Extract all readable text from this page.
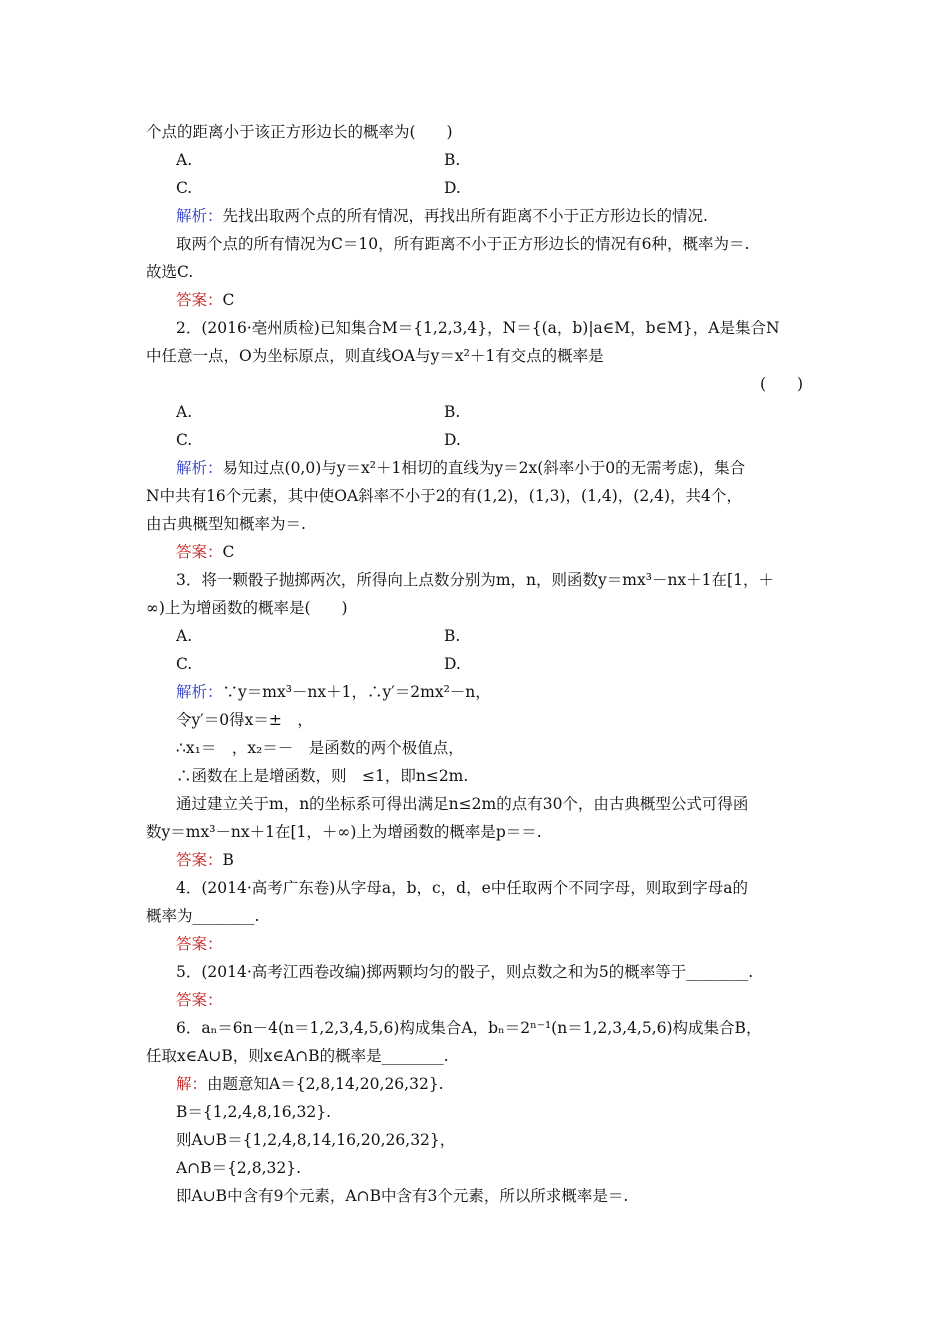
个点的距离小于该正方形边长的概率为(　　)
A.	B.
C.	D.
解析：先找出取两个点的所有情况，再找出所有距离不小于正方形边长的情况.
取两个点的所有情况为C＝10，所有距离不小于正方形边长的情况有6种，概率为＝.
故选C.
答案：C
2．(2016·亳州质检)已知集合M＝{1,2,3,4}，N＝{(a，b)|a∈M，b∈M}，A是集合N
中任意一点，O为坐标原点，则直线OA与y＝x²＋1有交点的概率是
(　　)
A.	B.
C.	D.
解析：易知过点(0,0)与y＝x²＋1相切的直线为y＝2x(斜率小于0的无需考虑)，集合
N中共有16个元素，其中使OA斜率不小于2的有(1,2)，(1,3)，(1,4)，(2,4)，共4个，
由古典概型知概率为＝.
答案：C
3．将一颗骰子抛掷两次，所得向上点数分别为m，n，则函数y＝mx³－nx＋1在[1，＋
∞)上为增函数的概率是(　　)
A.	B.
C.	D.
解析：∵y＝mx³－nx＋1，∴y′＝2mx²－n，
令y′＝0得x＝±　，
∴x₁＝　，x₂＝－　是函数的两个极值点，
∴函数在上是增函数，则　≤1，即n≤2m.
通过建立关于m，n的坐标系可得出满足n≤2m的点有30个，由古典概型公式可得函
数y＝mx³－nx＋1在[1，＋∞)上为增函数的概率是p＝＝.
答案：B
4．(2014·高考广东卷)从字母a，b，c，d，e中任取两个不同字母，则取到字母a的
概率为________.
答案：
5．(2014·高考江西卷改编)掷两颗均匀的骰子，则点数之和为5的概率等于________.
答案：
6．aₙ＝6n－4(n＝1,2,3,4,5,6)构成集合A，bₙ＝2ⁿ⁻¹(n＝1,2,3,4,5,6)构成集合B，
任取x∈A∪B，则x∈A∩B的概率是________.
解：由题意知A＝{2,8,14,20,26,32}.
B＝{1,2,4,8,16,32}.
则A∪B＝{1,2,4,8,14,16,20,26,32}，
A∩B＝{2,8,32}.
即A∪B中含有9个元素，A∩B中含有3个元素，所以所求概率是＝.
